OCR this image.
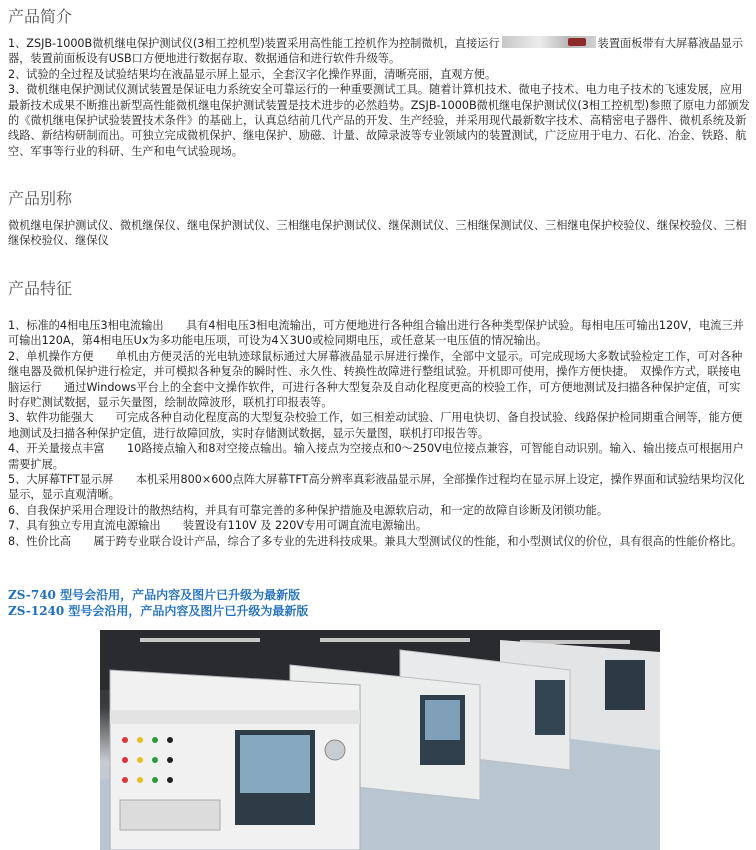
产品简介
1、ZSJB-1000B微机继电保护测试仪(3相工控机型)装置采用高性能工控机作为控制微机，直接运行	装置面板带有大屏幕液晶显示器，装置前面板设有USB口方便地进行数据存取、数据通信和进行软件升级等。
2、试验的全过程及试验结果均在液晶显示屏上显示，全套汉字化操作界面，清晰亮丽，直观方便。
3、微机继电保护测试仪测试装置是保证电力系统安全可靠运行的一种重要测试工具。随着计算机技术、微电子技术、电力电子技术的飞速发展，应用最新技术成果不断推出新型高性能微机继电保护测试装置是技术进步的必然趋势。ZSJB-1000B微机继电保护测试仪(3相工控机型)参照了原电力部颁发的《微机继电保护试验装置技术条件》的基础上，认真总结前几代产品的开发、生产经验，并采用现代最新数字技术、高精密电子器件、微机系统及新线路、新结构研制而出。可独立完成微机保护、继电保护、励磁、计量、故障录波等专业领域内的装置测试，广泛应用于电力、石化、冶金、铁路、航空、军事等行业的科研、生产和电气试验现场。
产品别称
微机继电保护测试仪、微机继保仪、继电保护测试仪、三相继电保护测试仪、继保测试仪、三相继保测试仪、三相继电保护校验仪、继保校验仪、三相继保校验仪、继保仪
产品特征
1、标准的4相电压3相电流输出　　具有4相电压3相电流输出，可方便地进行各种组合输出进行各种类型保护试验。每相电压可输出120V，电流三并可输出120A，第4相电压Ux为多功能电压项，可设为4Ｘ3U0或检同期电压，或任意某一电压值的情况输出。
2、单机操作方便　　单机由方便灵活的光电轨迹球鼠标通过大屏幕液晶显示屏进行操作，全部中文显示。可完成现场大多数试验检定工作，可对各种继电器及微机保护进行检定，并可模拟各种复杂的瞬时性、永久性、转换性故障进行整组试验。开机即可使用，操作方便快捷。　双操作方式，联接电脑运行　　通过Windows平台上的全套中文操作软件，可进行各种大型复杂及自动化程度更高的校验工作，可方便地测试及扫描各种保护定值，可实时存贮测试数据，显示矢量图，绘制故障波形，联机打印报表等。
3、软件功能强大　　可完成各种自动化程度高的大型复杂校验工作，如三相差动试验、厂用电快切、备自投试验、线路保护检同期重合闸等，能方便地测试及扫描各种保护定值，进行故障回放，实时存储测试数据，显示矢量图，联机打印报告等。
4、开关量接点丰富　　10路接点输入和8对空接点输出。输入接点为空接点和0～250V电位接点兼容，可智能自动识别。输入、输出接点可根据用户需要扩展。
5、大屏幕TFT显示屏　　本机采用800×600点阵大屏幕TFT高分辨率真彩液晶显示屏，全部操作过程均在显示屏上设定，操作界面和试验结果均汉化显示，显示直观清晰。
6、自我保护采用合理设计的散热结构，并具有可靠完善的多种保护措施及电源软启动，和一定的故障自诊断及闭锁功能。
7、具有独立专用直流电源输出　　装置设有110V 及 220V专用可调直流电源输出。
8、性价比高　　属于跨专业联合设计产品，综合了多专业的先进科技成果。兼具大型测试仪的性能，和小型测试仪的价位，具有很高的性能价格比。
ZS-740 型号会沿用，产品内容及图片已升级为最新版
ZS-1240 型号会沿用，产品内容及图片已升级为最新版
